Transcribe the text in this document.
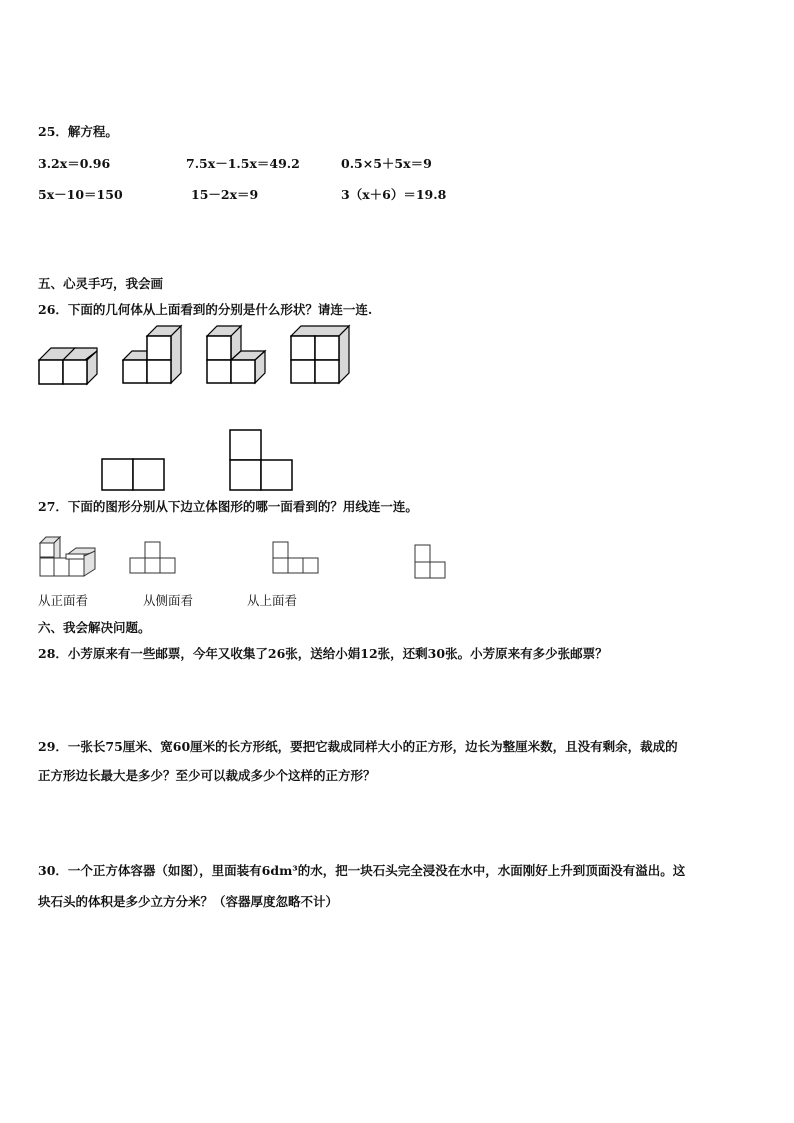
25．解方程。
3.2x＝0.96	7.5x－1.5x＝49.2	0.5×5＋5x＝9
5x－10＝150	15－2x＝9	3（x＋6）＝19.8
五、心灵手巧，我会画
26．下面的几何体从上面看到的分别是什么形状？请连一连.
27．下面的图形分别从下边立体图形的哪一面看到的？用线连一连。
从正面看	从侧面看	从上面看
六、我会解决问题。
28．小芳原来有一些邮票，今年又收集了26张，送给小娟12张，还剩30张。小芳原来有多少张邮票？
29．一张长75厘米、宽60厘米的长方形纸，要把它裁成同样大小的正方形，边长为整厘米数，且没有剩余，裁成的
正方形边长最大是多少？至少可以裁成多少个这样的正方形？
30．一个正方体容器（如图），里面装有6dm³的水，把一块石头完全浸没在水中，水面刚好上升到顶面没有溢出。这
块石头的体积是多少立方分米？（容器厚度忽略不计）
